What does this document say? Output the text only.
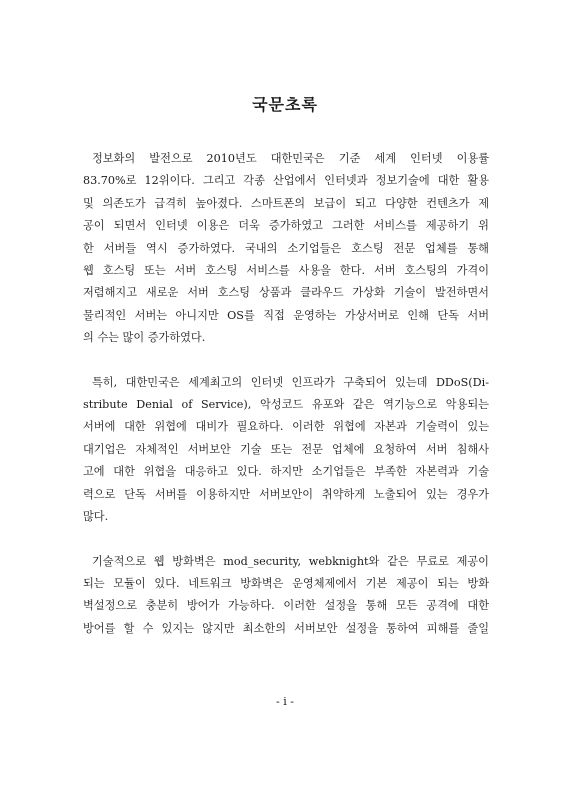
국문초록
정보화의 발전으로 2010년도 대한민국은 기준 세계 인터넷 이용률
83.70%로 12위이다. 그리고 각종 산업에서 인터넷과 정보기술에 대한 활용
및 의존도가 급격히 높아졌다. 스마트폰의 보급이 되고 다양한 컨텐츠가 제
공이 되면서 인터넷 이용은 더욱 증가하였고 그러한 서비스를 제공하기 위
한 서버들 역시 증가하였다. 국내의 소기업들은 호스팅 전문 업체를 통해
웹 호스팅 또는 서버 호스팅 서비스를 사용을 한다. 서버 호스팅의 가격이
저렴해지고 새로운 서버 호스팅 상품과 클라우드 가상화 기술이 발전하면서
물리적인 서버는 아니지만 OS를 직접 운영하는 가상서버로 인해 단독 서버
의 수는 많이 증가하였다.
특히, 대한민국은 세계최고의 인터넷 인프라가 구축되어 있는데 DDoS(Di-
stribute Denial of Service), 악성코드 유포와 같은 역기능으로 악용되는
서버에 대한 위협에 대비가 필요하다. 이러한 위협에 자본과 기술력이 있는
대기업은 자체적인 서버보안 기술 또는 전문 업체에 요청하여 서버 침해사
고에 대한 위협을 대응하고 있다. 하지만 소기업들은 부족한 자본력과 기술
력으로 단독 서버를 이용하지만 서버보안이 취약하게 노출되어 있는 경우가
많다.
기술적으로 웹 방화벽은 mod_security, webknight와 같은 무료로 제공이
되는 모듈이 있다. 네트워크 방화벽은 운영체제에서 기본 제공이 되는 방화
벽설정으로 충분히 방어가 가능하다. 이러한 설정을 통해 모든 공격에 대한
방어를 할 수 있지는 않지만 최소한의 서버보안 설정을 통하여 피해를 줄일
- i -
